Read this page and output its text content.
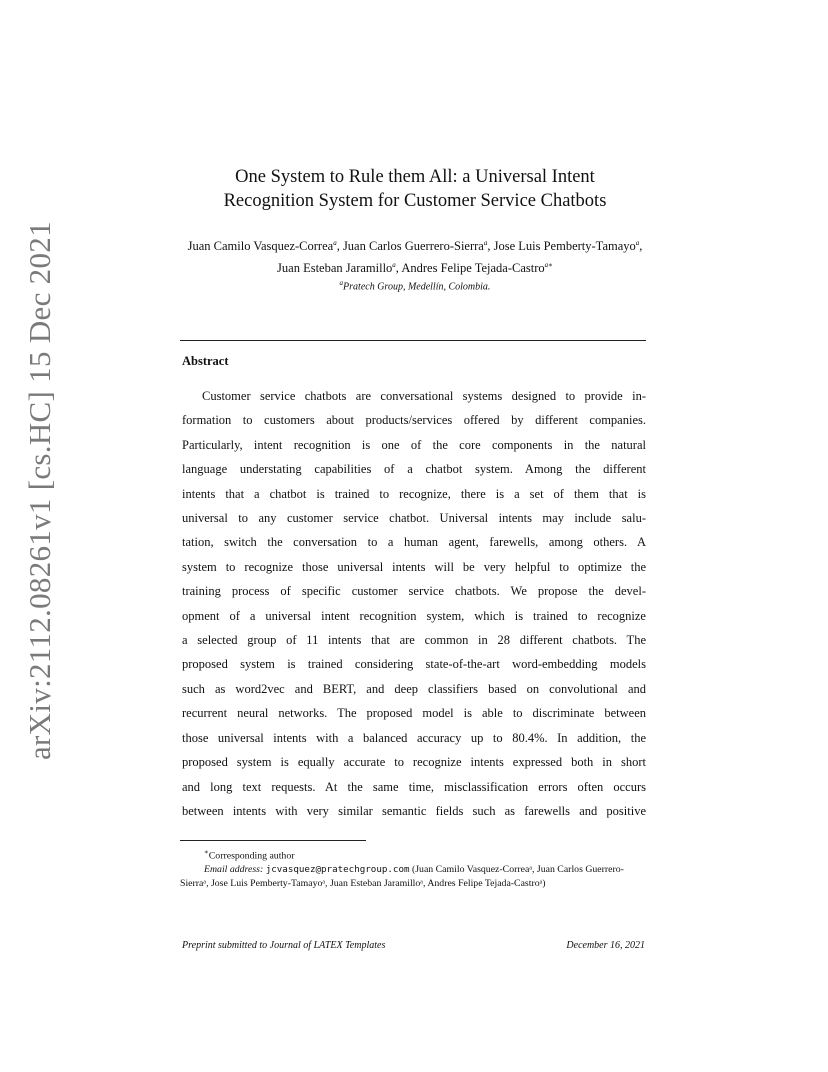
arXiv:2112.08261v1 [cs.HC] 15 Dec 2021
One System to Rule them All: a Universal Intent
Recognition System for Customer Service Chatbots
Juan Camilo Vasquez-Correa$^a$, Juan Carlos Guerrero-Sierra$^a$, Jose Luis Pemberty-Tamayo$^a$, Juan Esteban Jaramillo$^a$, Andres Felipe Tejada-Castro$^{a∗}$
$^a$Pratech Group, Medellín, Colombia.
Abstract
Customer service chatbots are conversational systems designed to provide in-
formation to customers about products/services offered by different companies.
Particularly, intent recognition is one of the core components in the natural
language understating capabilities of a chatbot system. Among the different
intents that a chatbot is trained to recognize, there is a set of them that is
universal to any customer service chatbot. Universal intents may include salu-
tation, switch the conversation to a human agent, farewells, among others. A
system to recognize those universal intents will be very helpful to optimize the
training process of specific customer service chatbots. We propose the devel-
opment of a universal intent recognition system, which is trained to recognize
a selected group of 11 intents that are common in 28 different chatbots. The
proposed system is trained considering state-of-the-art word-embedding models
such as word2vec and BERT, and deep classifiers based on convolutional and
recurrent neural networks. The proposed model is able to discriminate between
those universal intents with a balanced accuracy up to 80.4%. In addition, the
proposed system is equally accurate to recognize intents expressed both in short
and long text requests. At the same time, misclassification errors often occurs
between intents with very similar semantic fields such as farewells and positive
∗Corresponding author
Email address: jcvasquez@pratechgroup.com (Juan Camilo Vasquez-Correaᵃ, Juan Carlos Guerrero-Sierraᵃ, Jose Luis Pemberty-Tamayoᵃ, Juan Esteban Jaramilloᵃ, Andres Felipe Tejada-Castroᵃ)
Preprint submitted to Journal of LATEX Templates	December 16, 2021
